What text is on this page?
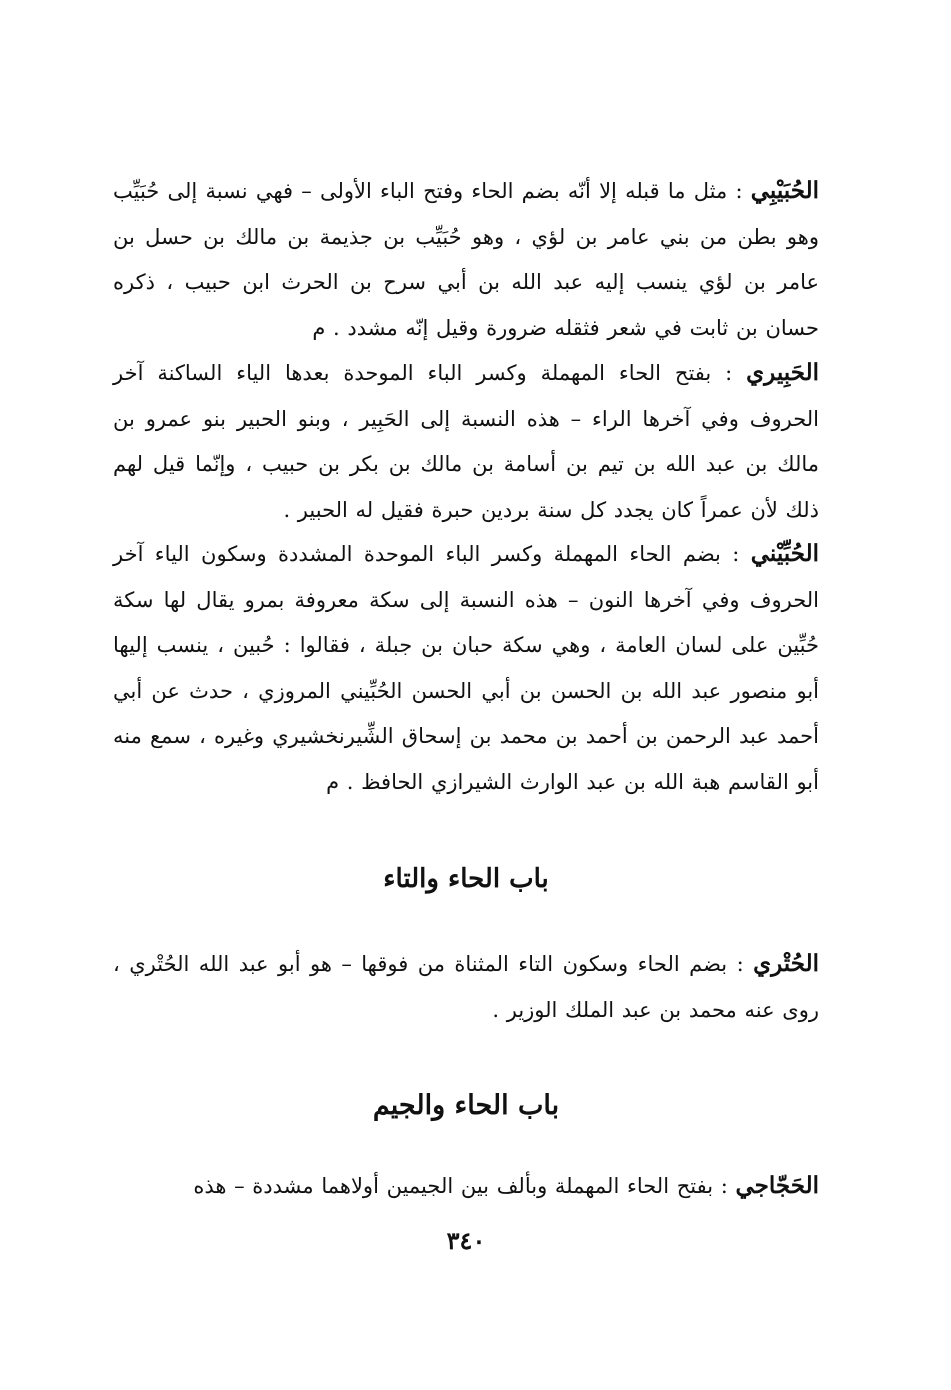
الحُبَيْبِي : مثل ما قبله إلا أنّه بضم الحاء وفتح الباء الأولى – فهي نسبة إلى حُبَيِّب وهو بطن من بني عامر بن لؤي ، وهو حُبَيِّب بن جذيمة بن مالك بن حسل بن عامر بن لؤي ينسب إليه عبد الله بن أبي سرح بن الحرث ابن حبيب ، ذكره حسان بن ثابت في شعر فثقله ضرورة وقيل إنّه مشدد . م

الحَبِيري : بفتح الحاء المهملة وكسر الباء الموحدة بعدها الياء الساكنة آخر الحروف وفي آخرها الراء – هذه النسبة إلى الحَبِير ، وبنو الحبير بنو عمرو بن مالك بن عبد الله بن تيم بن أسامة بن مالك بن بكر بن حبيب ، وإنّما قيل لهم ذلك لأن عمراً كان يجدد كل سنة بردين حبرة فقيل له الحبير .

الحُبِّيْني : بضم الحاء المهملة وكسر الباء الموحدة المشددة وسكون الياء آخر الحروف وفي آخرها النون – هذه النسبة إلى سكة معروفة بمرو يقال لها سكة حُبِّين على لسان العامة ، وهي سكة حبان بن جبلة ، فقالوا : حُبين ، ينسب إليها أبو منصور عبد الله بن الحسن بن أبي الحسن الحُبِّيني المروزي ، حدث عن أبي أحمد عبد الرحمن بن أحمد بن محمد بن إسحاق الشِّيرنخشيري وغيره ، سمع منه أبو القاسم هبة الله بن عبد الوارث الشيرازي الحافظ . م

باب الحاء والتاء

الحُتْري : بضم الحاء وسكون التاء المثناة من فوقها – هو أبو عبد الله الحُتْري ، روى عنه محمد بن عبد الملك الوزير .

باب الحاء والجيم

الحَجّاجي : بفتح الحاء المهملة وبألف بين الجيمين أولاهما مشددة – هذه

٣٤٠
